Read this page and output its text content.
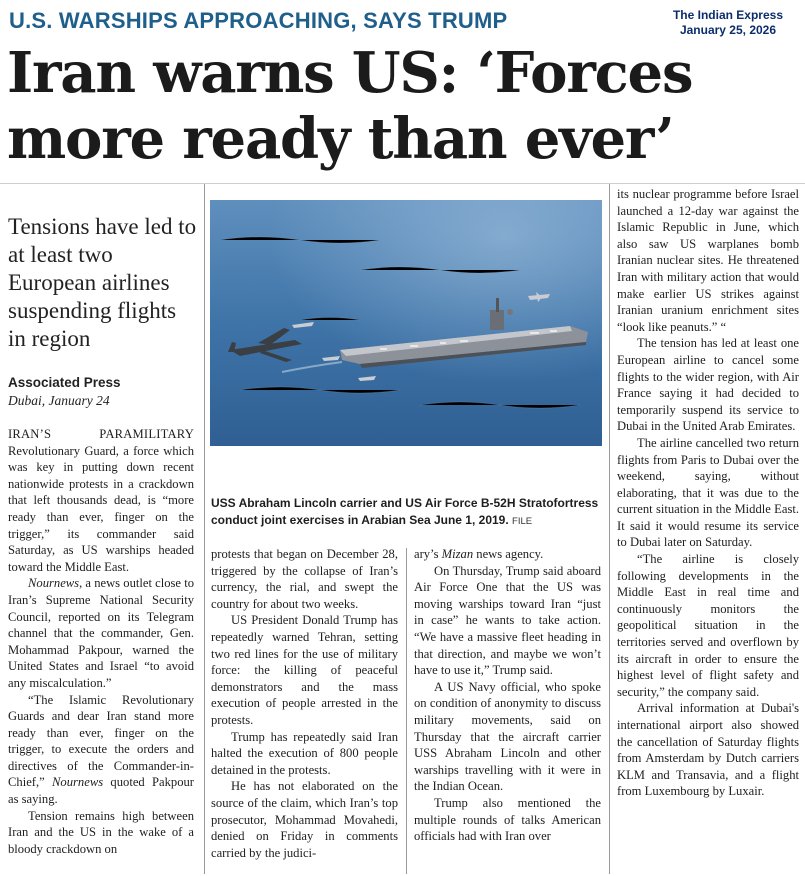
U.S. WARSHIPS APPROACHING, SAYS TRUMP	The Indian Express
January 25, 2026
Iran warns US: ‘Forces
more ready than ever’
Tensions have led to at least two European airlines suspending flights in region
Associated Press
Dubai, January 24
USS Abraham Lincoln carrier and US Air Force B-52H Stratofortress conduct joint exercises in Arabian Sea June 1, 2019. FILE

IRAN’S PARAMILITARY Revolutionary Guard, a force which was key in putting down recent nationwide protests in a crackdown that left thousands dead, is “more ready than ever, finger on the trigger,” its commander said Saturday, as US warships headed toward the Middle East.

Nournews, a news outlet close to Iran’s Supreme National Security Council, reported on its Telegram channel that the commander, Gen. Mohammad Pakpour, warned the United States and Israel “to avoid any miscalculation.”

“The Islamic Revolutionary Guards and dear Iran stand more ready than ever, finger on the trigger, to execute the orders and directives of the Commander-in-Chief,” Nournews quoted Pakpour as saying.

Tension remains high between Iran and the US in the wake of a bloody crackdown on

protests that began on December 28, triggered by the collapse of Iran’s currency, the rial, and swept the country for about two weeks.

US President Donald Trump has repeatedly warned Tehran, setting two red lines for the use of military force: the killing of peaceful demonstrators and the mass execution of people arrested in the protests.

Trump has repeatedly said Iran halted the execution of 800 people detained in the protests.

He has not elaborated on the source of the claim, which Iran’s top prosecutor, Mohammad Movahedi, denied on Friday in comments carried by the judici-

ary’s Mizan news agency.

On Thursday, Trump said aboard Air Force One that the US was moving warships toward Iran “just in case” he wants to take action. “We have a massive fleet heading in that direction, and maybe we won’t have to use it,” Trump said.

A US Navy official, who spoke on condition of anonymity to discuss military movements, said on Thursday that the aircraft carrier USS Abraham Lincoln and other warships travelling with it were in the Indian Ocean.

Trump also mentioned the multiple rounds of talks American officials had with Iran over

its nuclear programme before Israel launched a 12-day war against the Islamic Republic in June, which also saw US warplanes bomb Iranian nuclear sites. He threatened Iran with military action that would make earlier US strikes against Iranian uranium enrichment sites “look like peanuts.” “

The tension has led at least one European airline to cancel some flights to the wider region, with Air France saying it had decided to temporarily suspend its service to Dubai in the United Arab Emirates.

The airline cancelled two return flights from Paris to Dubai over the weekend, saying, without elaborating, that it was due to the current situation in the Middle East. It said it would resume its service to Dubai later on Saturday.

“The airline is closely following developments in the Middle East in real time and continuously monitors the geopolitical situation in the territories served and overflown by its aircraft in order to ensure the highest level of flight safety and security,” the company said.

Arrival information at Dubai's international airport also showed the cancellation of Saturday flights from Amsterdam by Dutch carriers KLM and Transavia, and a flight from Luxembourg by Luxair.
